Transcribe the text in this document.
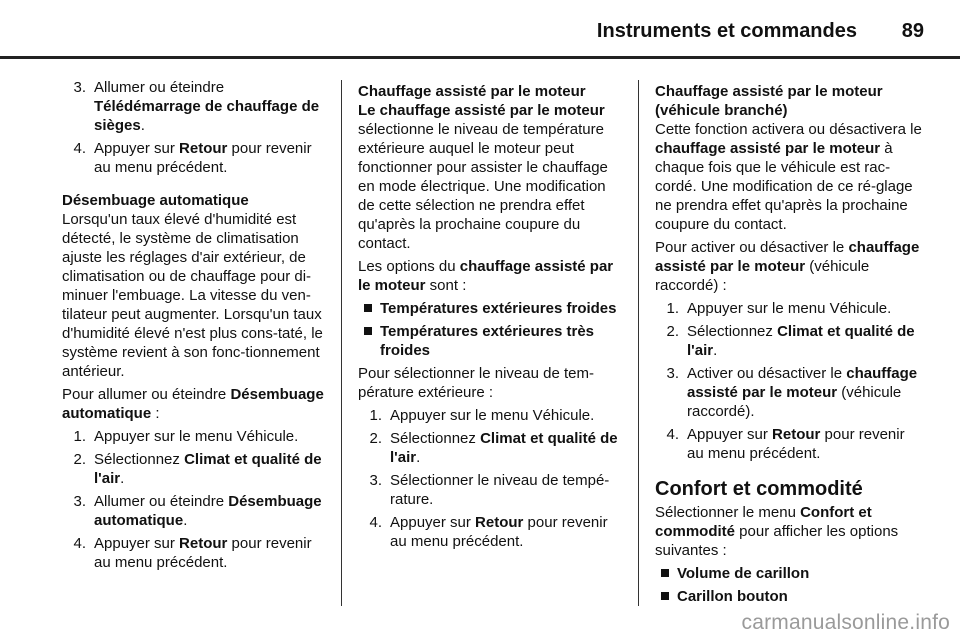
Instruments et commandes 89
3. Allumer ou éteindre Télédémarrage de chauffage de sièges.
4. Appuyer sur Retour pour revenir au menu précédent.

Désembuage automatique

Lorsqu'un taux élevé d'humidité est détecté, le système de climatisation ajuste les réglages d'air extérieur, de climatisation ou de chauffage pour di-minuer l'embuage. La vitesse du ven-tilateur peut augmenter. Lorsqu'un taux d'humidité élevé n'est plus cons-taté, le système revient à son fonc-tionnement antérieur.

Pour allumer ou éteindre Désembuage automatique :

1. Appuyer sur le menu Véhicule.
2. Sélectionnez Climat et qualité de l'air.
3. Allumer ou éteindre Désembuage automatique.
4. Appuyer sur Retour pour revenir au menu précédent.

Chauffage assisté par le moteur

Le chauffage assisté par le moteur sélectionne le niveau de température extérieure auquel le moteur peut fonctionner pour assister le chauffage en mode électrique. Une modification de cette sélection ne prendra effet qu'après la prochaine coupure du contact.

Les options du chauffage assisté par le moteur sont :

Températures extérieures froides
Températures extérieures très froides

Pour sélectionner le niveau de tem-pérature extérieure :

1. Appuyer sur le menu Véhicule.
2. Sélectionnez Climat et qualité de l'air.
3. Sélectionner le niveau de tempé-rature.
4. Appuyer sur Retour pour revenir au menu précédent.

Chauffage assisté par le moteur (véhicule branché)

Cette fonction activera ou désactivera le chauffage assisté par le moteur à chaque fois que le véhicule est rac-cordé. Une modification de ce ré-glage ne prendra effet qu'après la prochaine coupure du contact.

Pour activer ou désactiver le chauffage assisté par le moteur (véhicule raccordé) :

1. Appuyer sur le menu Véhicule.
2. Sélectionnez Climat et qualité de l'air.
3. Activer ou désactiver le chauffage assisté par le moteur (véhicule raccordé).
4. Appuyer sur Retour pour revenir au menu précédent.
Confort et commodité

Sélectionner le menu Confort et commodité pour afficher les options suivantes :

Volume de carillon
Carillon bouton
carmanualsonline.info
